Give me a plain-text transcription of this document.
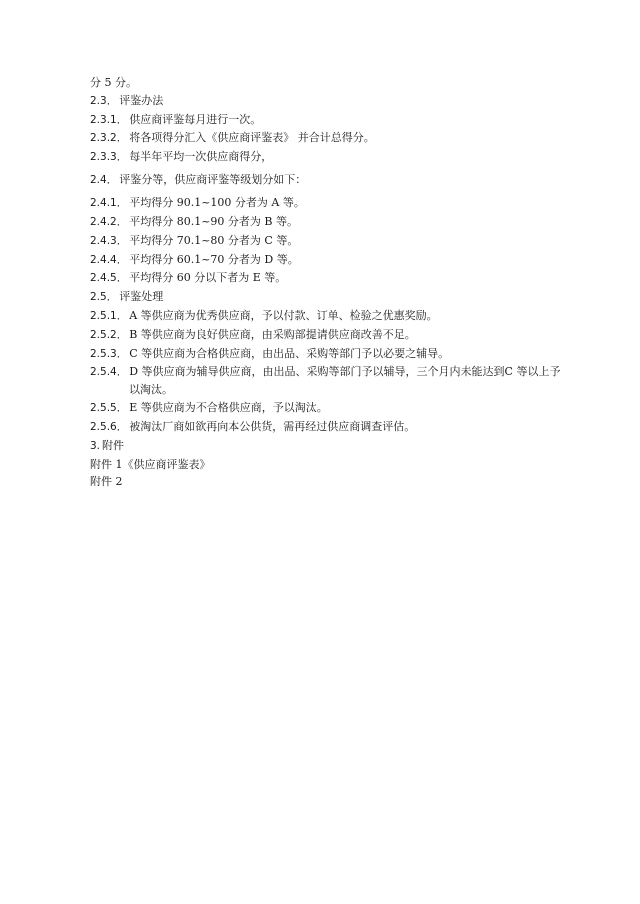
分 5 分。
2.3． 评鉴办法
2.3.1． 供应商评鉴每月进行一次。
2.3.2． 将各项得分汇入《供应商评鉴表》 并合计总得分。
2.3.3． 每半年平均一次供应商得分，
2.4． 评鉴分等，供应商评鉴等级划分如下：
2.4.1． 平均得分 90.1~100 分者为 A 等。
2.4.2． 平均得分 80.1~90 分者为 B 等。
2.4.3． 平均得分 70.1~80 分者为 C 等。
2.4.4． 平均得分 60.1~70 分者为 D 等。
2.4.5． 平均得分 60 分以下者为 E 等。
2.5． 评鉴处理
2.5.1． A 等供应商为优秀供应商，予以付款、订单、检验之优惠奖励。
2.5.2． B 等供应商为良好供应商，由采购部提请供应商改善不足。
2.5.3． C 等供应商为合格供应商，由出品、采购等部门予以必要之辅导。
2.5.4． D 等供应商为辅导供应商，由出品、采购等部门予以辅导，三个月内未能达到C 等以上予
以淘汰。
2.5.5． E 等供应商为不合格供应商，予以淘汰。
2.5.6． 被淘汰厂商如欲再向本公供货，需再经过供应商调查评估。
3. 附件
附件 1《供应商评鉴表》
附件 2
